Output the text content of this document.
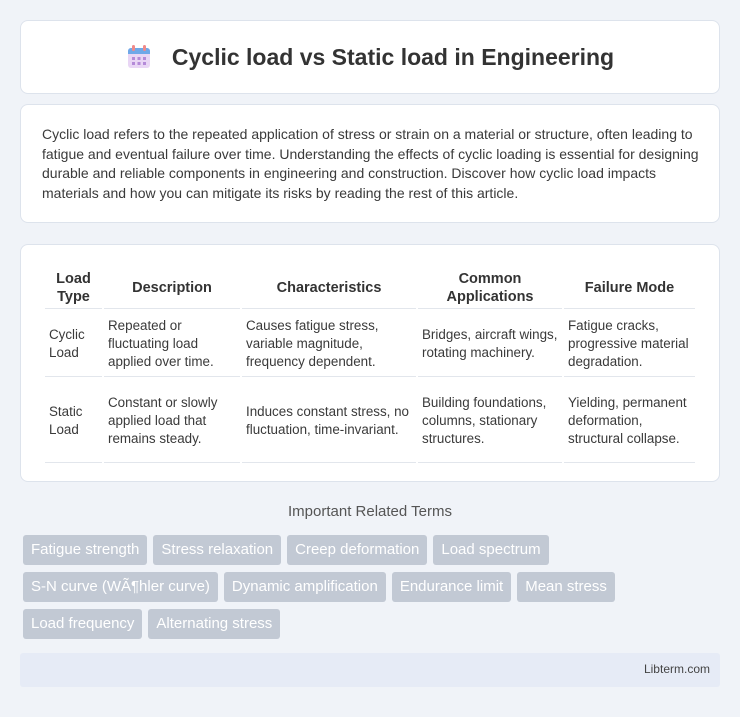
Cyclic load vs Static load in Engineering

Cyclic load refers to the repeated application of stress or strain on a material or structure, often leading to fatigue and eventual failure over time. Understanding the effects of cyclic loading is essential for designing durable and reliable components in engineering and construction. Discover how cyclic load impacts materials and how you can mitigate its risks by reading the rest of this article.

Load Type	Description	Characteristics	Common Applications	Failure Mode
Cyclic Load	Repeated or fluctuating load applied over time.	Causes fatigue stress, variable magnitude, frequency dependent.	Bridges, aircraft wings, rotating machinery.	Fatigue cracks, progressive material degradation.
Static Load	Constant or slowly applied load that remains steady.	Induces constant stress, no fluctuation, time-invariant.	Building foundations, columns, stationary structures.	Yielding, permanent deformation, structural collapse.
Important Related Terms
Fatigue strength	Stress relaxation	Creep deformation	Load spectrum
S-N curve (WÃ¶hler curve)	Dynamic amplification	Endurance limit	Mean stress
Load frequency	Alternating stress
Libterm.com
